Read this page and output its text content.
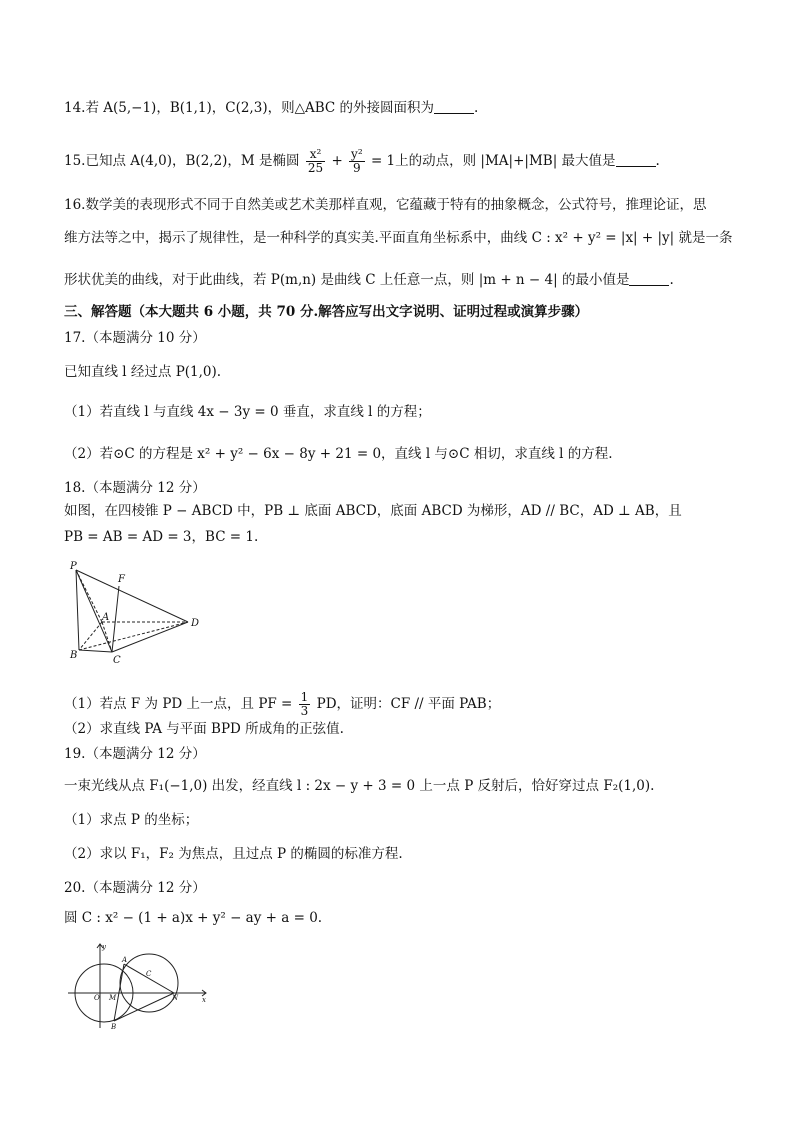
14.若 A(5,−1)，B(1,1)，C(2,3)，则△ABC 的外接圆面积为	.
15.已知点 A(4,0)，B(2,2)，M 是椭圆 $\frac{\text{x²}}{25} + \frac{\text{y²}}{9} = 1$上的动点，则 |MA|+|MB| 最大值是	.
16.数学美的表现形式不同于自然美或艺术美那样直观，它蕴藏于特有的抽象概念，公式符号，推理论证，思
维方法等之中，揭示了规律性，是一种科学的真实美.平面直角坐标系中，曲线 C : x² + y² = |x| + |y| 就是一条
形状优美的曲线，对于此曲线，若 P(m,n) 是曲线 C 上任意一点，则 |m + n − 4| 的最小值是	.
三、解答题（本大题共 6 小题，共 70 分.解答应写出文字说明、证明过程或演算步骤）
17.（本题满分 10 分）
已知直线 l 经过点 P(1,0).
（1）若直线 l 与直线 4x − 3y = 0 垂直，求直线 l 的方程；
（2）若⊙C 的方程是 x² + y² − 6x − 8y + 21 = 0，直线 l 与⊙C 相切，求直线 l 的方程.
18.（本题满分 12 分）
如图，在四棱锥 P − ABCD 中，PB ⊥ 底面 ABCD，底面 ABCD 为梯形，AD // BC，AD ⊥ AB，且
PB = AB = AD = 3，BC = 1.
P
F
A
D
B	C
（1）若点 F 为 PD 上一点，且 PF = $\frac{1}{3}$ PD，证明：CF // 平面 PAB；
（2）求直线 PA 与平面 BPD 所成角的正弦值.
19.（本题满分 12 分）
一束光线从点 F₁(−1,0) 出发，经直线 l : 2x − y + 3 = 0 上一点 P 反射后，恰好穿过点 F₂(1,0).
（1）求点 P 的坐标；
（2）求以 F₁，F₂ 为焦点，且过点 P 的椭圆的标准方程.
20.（本题满分 12 分）
圆 C : x² − (1 + a)x + y² − ay + a = 0.
y
A
C
O M	N	x
B
